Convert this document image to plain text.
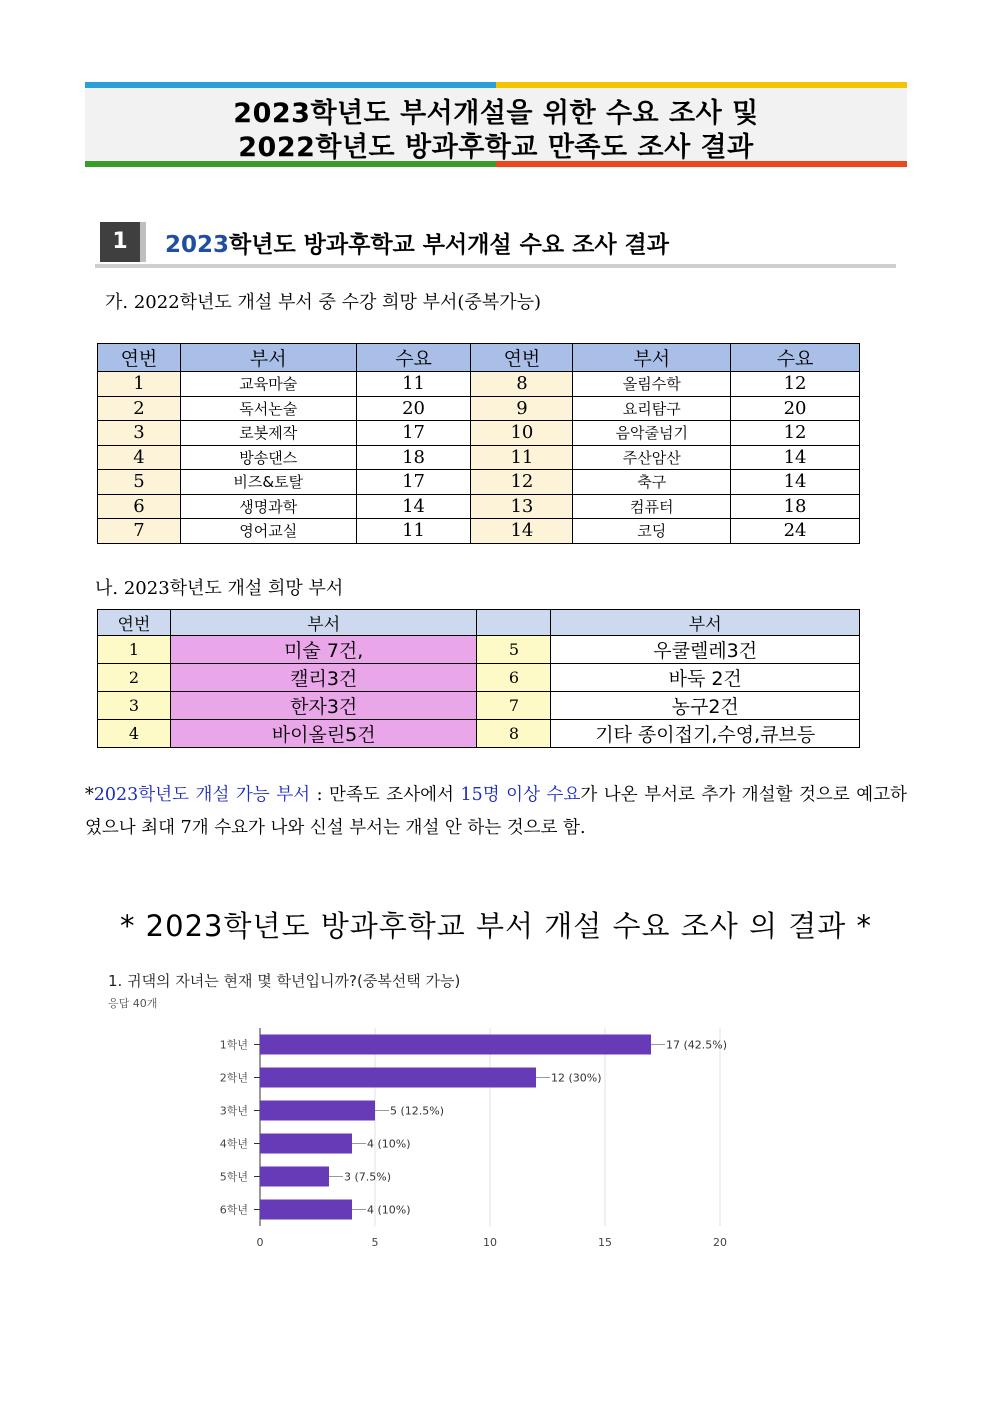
2023학년도 부서개설을 위한 수요 조사 및
2022학년도 방과후학교 만족도 조사 결과
1	2023학년도 방과후학교 부서개설 수요 조사 결과
가. 2022학년도 개설 부서 중 수강 희망 부서(중복가능)
연번	부서	수요	연번	부서	수요
1	교육마술	11	8	올림수학	12
2	독서논술	20	9	요리탐구	20
3	로봇제작	17	10	음악줄넘기	12
4	방송댄스	18	11	주산암산	14
5	비즈&토탈	17	12	축구	14
6	생명과학	14	13	컴퓨터	18
7	영어교실	11	14	코딩	24
나. 2023학년도 개설 희망 부서
연번	부서		부서
1	미술 7건,	5	우쿨렐레3건
2	캘리3건	6	바둑 2건
3	한자3건	7	농구2건
4	바이올린5건	8	기타 종이접기,수영,큐브등
*2023학년도 개설 가능 부서 : 만족도 조사에서 15명 이상 수요가 나온 부서로 추가 개설할 것으로 예고하였으나 최대 7개 수요가 나와 신설 부서는 개설 안 하는 것으로 함.
* 2023학년도 방과후학교 부서 개설 수요 조사 의 결과 *
1. 귀댁의 자녀는 현재 몇 학년입니까?(중복선택 가능)
응답 40개
0	5	10	15	20
1학년	17 (42.5%)
2학년	12 (30%)
3학년	5 (12.5%)
4학년	4 (10%)
5학년	3 (7.5%)
6학년	4 (10%)
